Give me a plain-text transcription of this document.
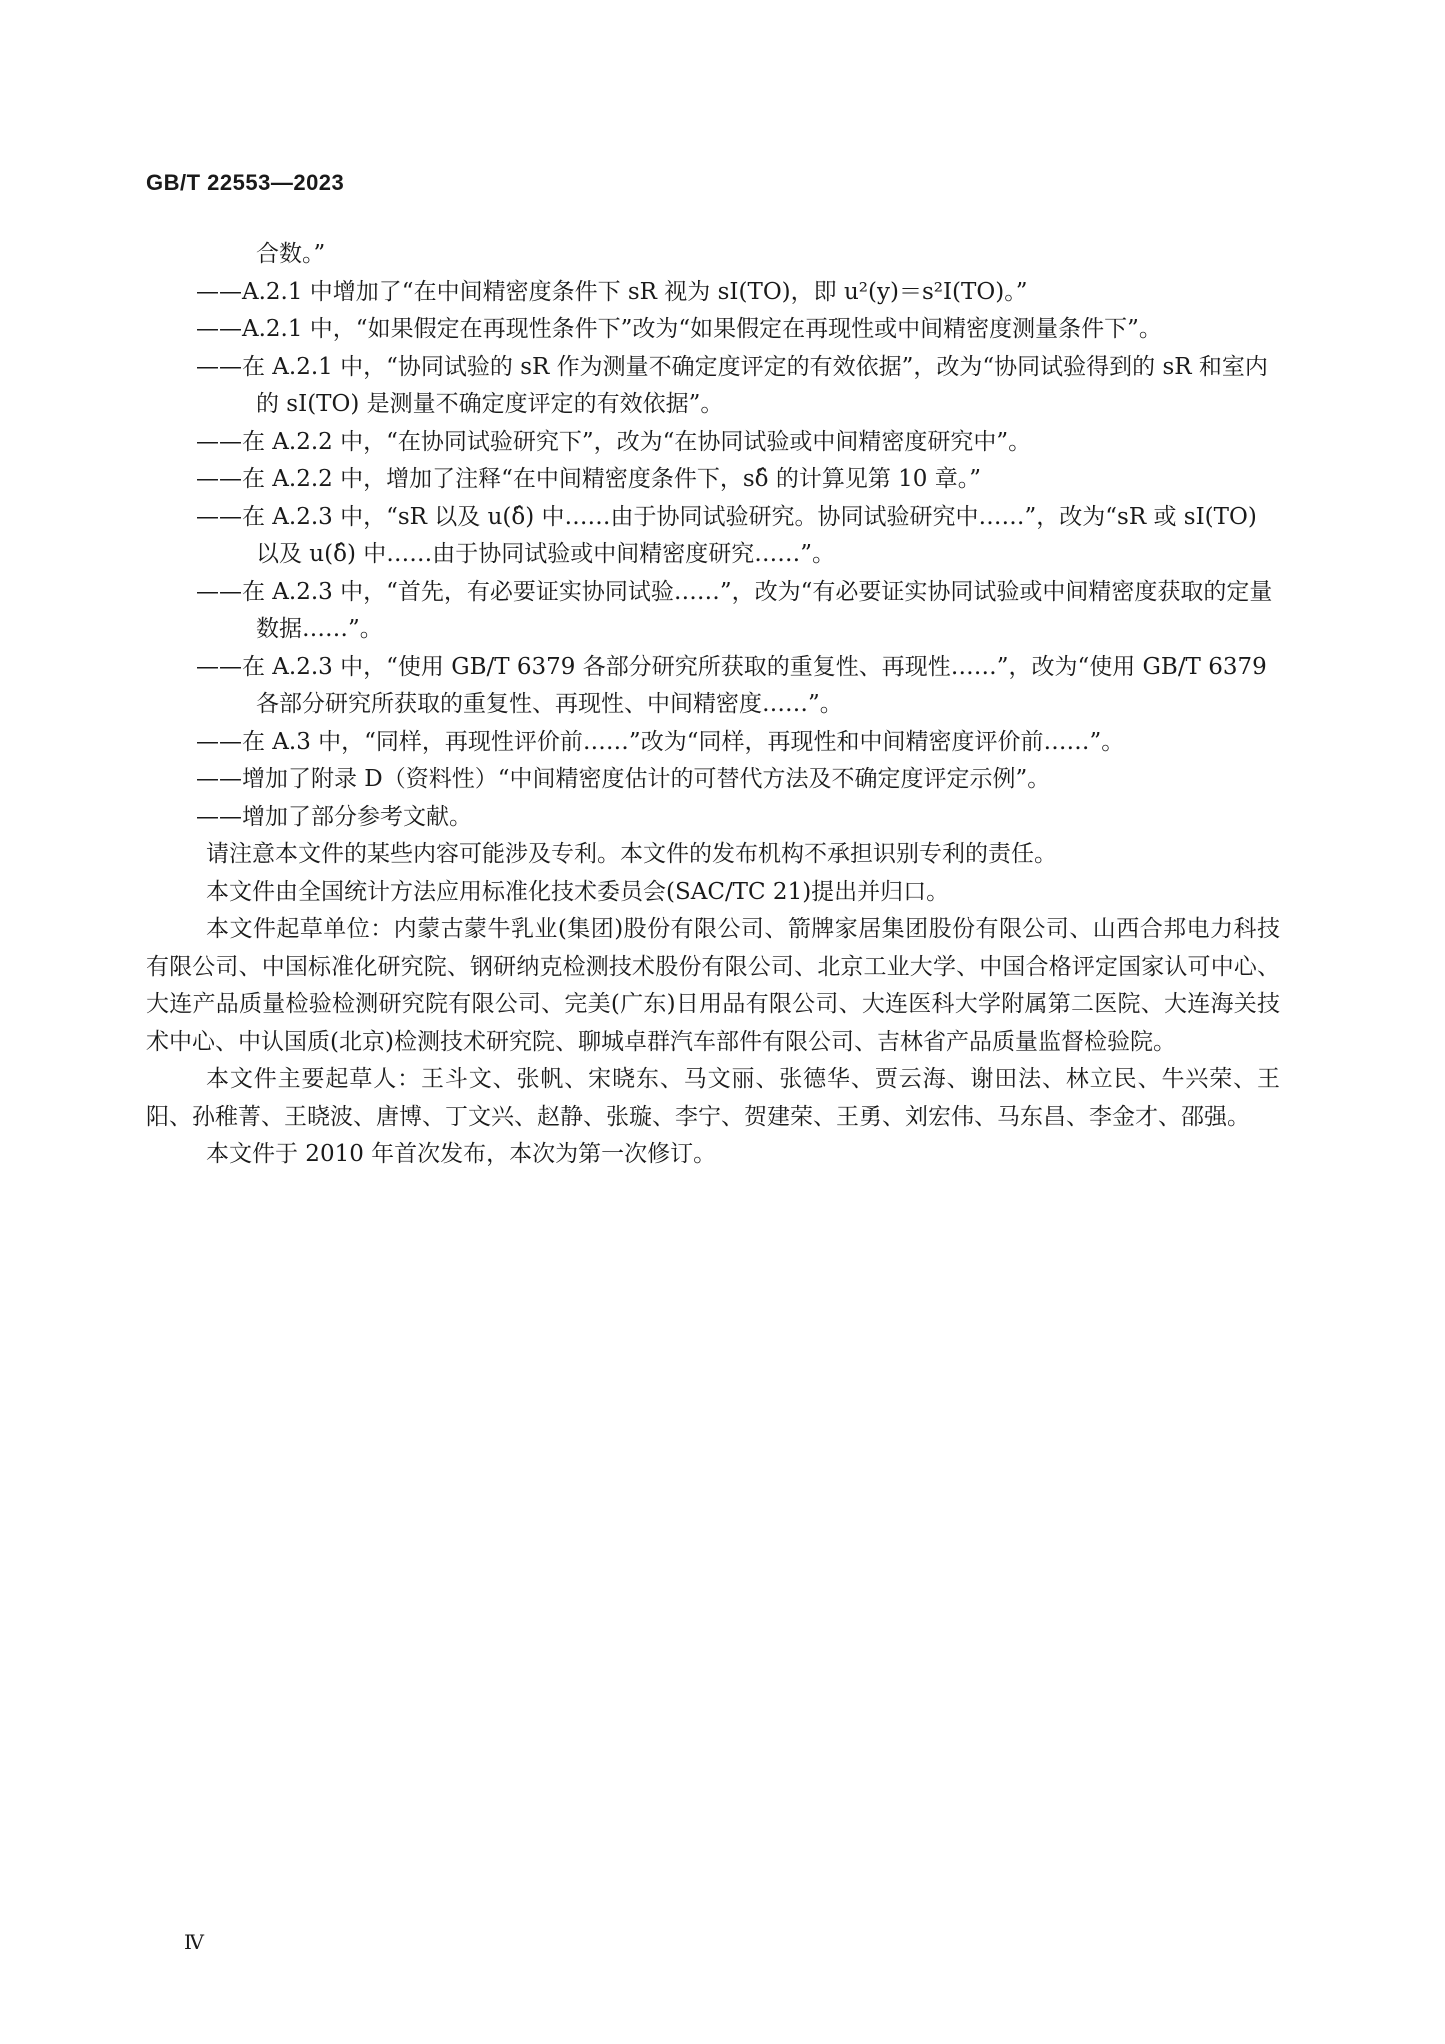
GB/T 22553—2023

合数。”

——A.2.1 中增加了“在中间精密度条件下 sR 视为 sI(TO)，即 u²(y)＝s²I(TO)。”

——A.2.1 中，“如果假定在再现性条件下”改为“如果假定在再现性或中间精密度测量条件下”。

——在 A.2.1 中，“协同试验的 sR 作为测量不确定度评定的有效依据”，改为“协同试验得到的 sR 和室内的 sI(TO) 是测量不确定度评定的有效依据”。

——在 A.2.2 中，“在协同试验研究下”，改为“在协同试验或中间精密度研究中”。

——在 A.2.2 中，增加了注释“在中间精密度条件下，sδ̂ 的计算见第 10 章。”

——在 A.2.3 中，“sR 以及 u(δ̂) 中……由于协同试验研究。协同试验研究中……”，改为“sR 或 sI(TO) 以及 u(δ̂) 中……由于协同试验或中间精密度研究……”。

——在 A.2.3 中，“首先，有必要证实协同试验……”，改为“有必要证实协同试验或中间精密度获取的定量数据……”。

——在 A.2.3 中，“使用 GB/T 6379 各部分研究所获取的重复性、再现性……”，改为“使用 GB/T 6379 各部分研究所获取的重复性、再现性、中间精密度……”。

——在 A.3 中，“同样，再现性评价前……”改为“同样，再现性和中间精密度评价前……”。

——增加了附录 D（资料性）“中间精密度估计的可替代方法及不确定度评定示例”。

——增加了部分参考文献。

请注意本文件的某些内容可能涉及专利。本文件的发布机构不承担识别专利的责任。

本文件由全国统计方法应用标准化技术委员会(SAC/TC 21)提出并归口。

本文件起草单位：内蒙古蒙牛乳业(集团)股份有限公司、箭牌家居集团股份有限公司、山西合邦电力科技有限公司、中国标准化研究院、钢研纳克检测技术股份有限公司、北京工业大学、中国合格评定国家认可中心、大连产品质量检验检测研究院有限公司、完美(广东)日用品有限公司、大连医科大学附属第二医院、大连海关技术中心、中认国质(北京)检测技术研究院、聊城卓群汽车部件有限公司、吉林省产品质量监督检验院。

本文件主要起草人：王斗文、张帆、宋晓东、马文丽、张德华、贾云海、谢田法、林立民、牛兴荣、王阳、孙稚菁、王晓波、唐博、丁文兴、赵静、张璇、李宁、贺建荣、王勇、刘宏伟、马东昌、李金才、邵强。

本文件于 2010 年首次发布，本次为第一次修订。

Ⅳ
